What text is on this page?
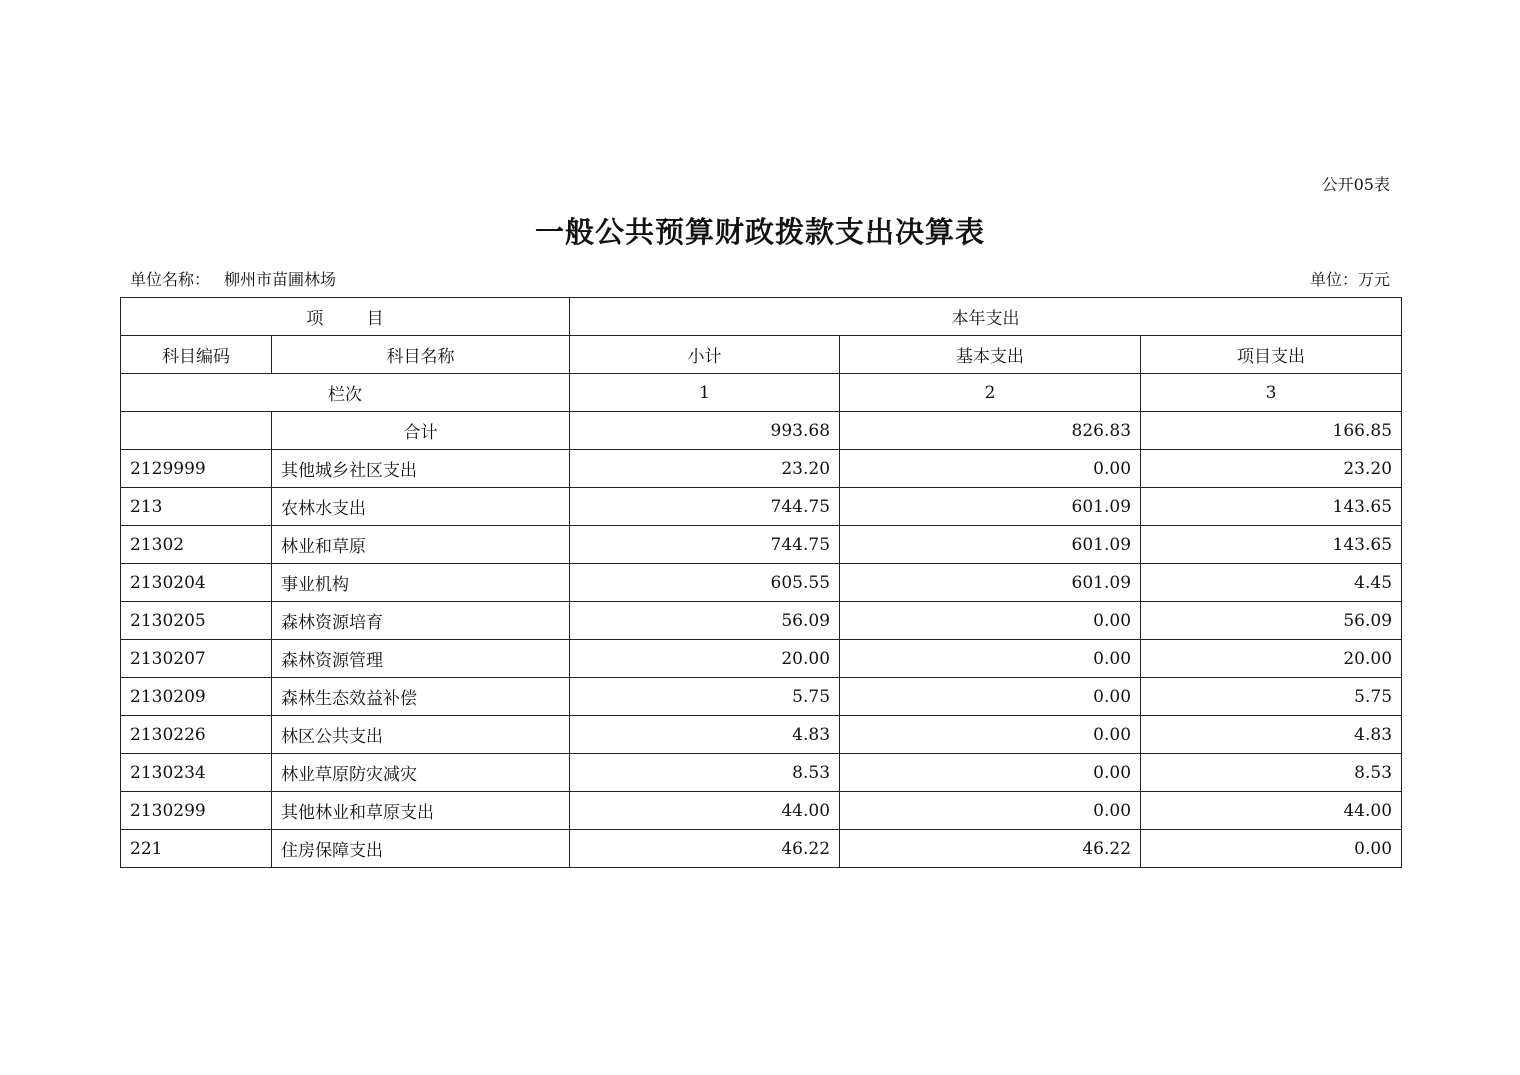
公开05表
一般公共预算财政拨款支出决算表
单位名称： 柳州市苗圃林场	单位：万元
项        目		本年支出		
科目编码	科目名称	小计	基本支出	项目支出
栏次		1	2	3
	合计	993.68	826.83	166.85
2129999	其他城乡社区支出	23.20	0.00	23.20
213	农林水支出	744.75	601.09	143.65
21302	林业和草原	744.75	601.09	143.65
2130204	事业机构	605.55	601.09	4.45
2130205	森林资源培育	56.09	0.00	56.09
2130207	森林资源管理	20.00	0.00	20.00
2130209	森林生态效益补偿	5.75	0.00	5.75
2130226	林区公共支出	4.83	0.00	4.83
2130234	林业草原防灾减灾	8.53	0.00	8.53
2130299	其他林业和草原支出	44.00	0.00	44.00
221	住房保障支出	46.22	46.22	0.00
